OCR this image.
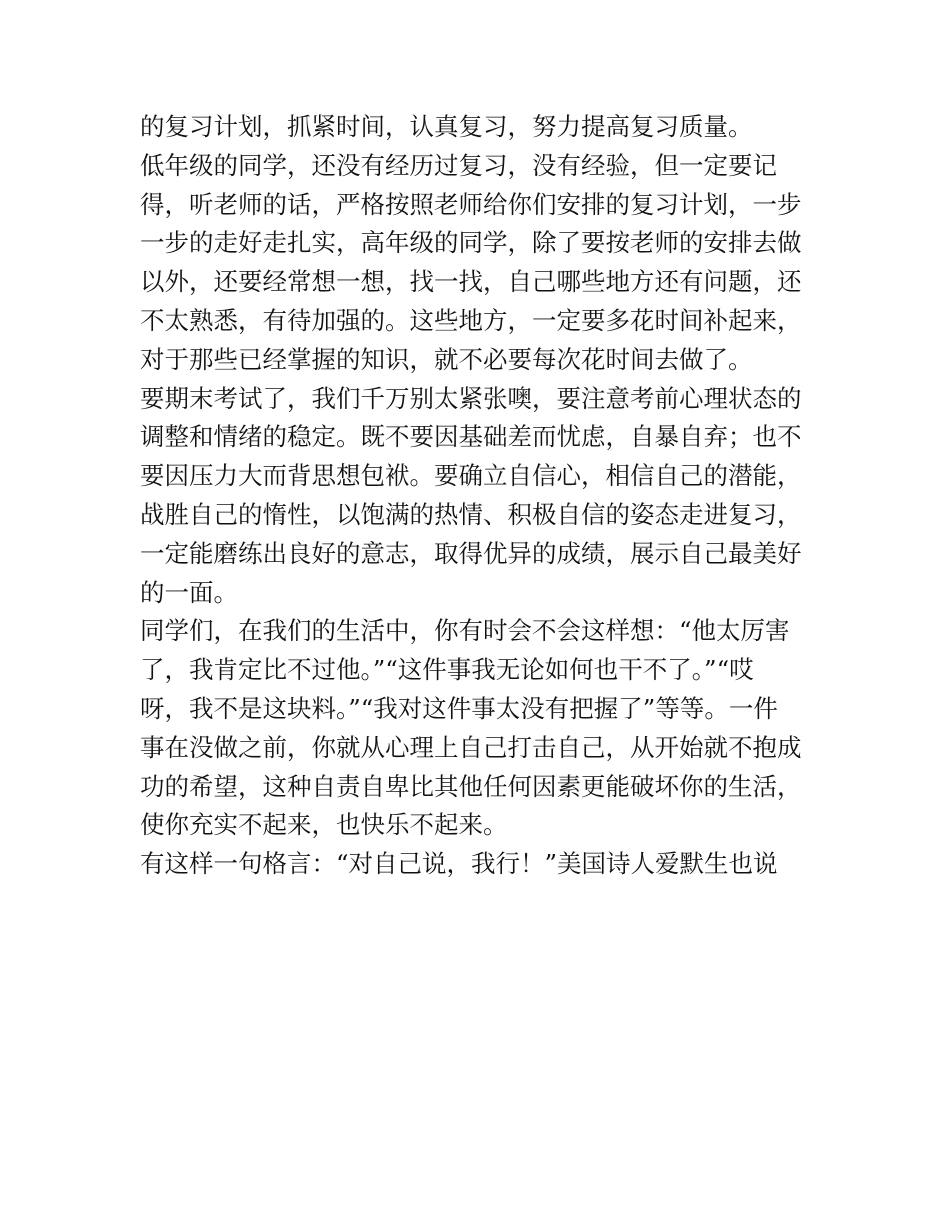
的复习计划，抓紧时间，认真复习，努力提高复习质量。
低年级的同学，还没有经历过复习，没有经验，但一定要记
得，听老师的话，严格按照老师给你们安排的复习计划，一步
一步的走好走扎实，高年级的同学，除了要按老师的安排去做
以外，还要经常想一想，找一找，自己哪些地方还有问题，还
不太熟悉，有待加强的。这些地方，一定要多花时间补起来，
对于那些已经掌握的知识，就不必要每次花时间去做了。
要期末考试了，我们千万别太紧张噢，要注意考前心理状态的
调整和情绪的稳定。既不要因基础差而忧虑，自暴自弃；也不
要因压力大而背思想包袱。要确立自信心，相信自己的潜能，
战胜自己的惰性，以饱满的热情、积极自信的姿态走进复习，
一定能磨练出良好的意志，取得优异的成绩，展示自己最美好
的一面。
同学们，在我们的生活中，你有时会不会这样想：“他太厉害
了，我肯定比不过他。”“这件事我无论如何也干不了。”“哎
呀，我不是这块料。”“我对这件事太没有把握了”等等。一件
事在没做之前，你就从心理上自己打击自己，从开始就不抱成
功的希望，这种自责自卑比其他任何因素更能破坏你的生活，
使你充实不起来，也快乐不起来。
有这样一句格言：“对自己说，我行！”美国诗人爱默生也说
